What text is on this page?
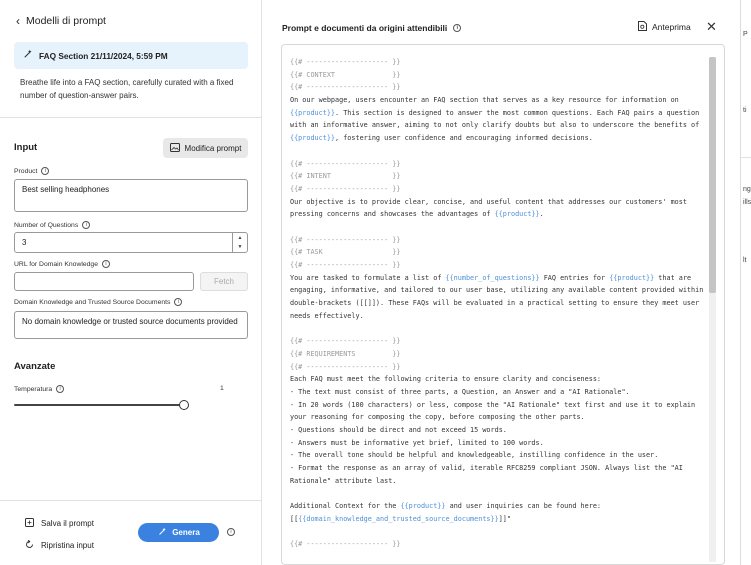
‹ Modelli di prompt
FAQ Section 21/11/2024, 5:59 PM
Breathe life into a FAQ section, carefully curated with a fixed number of question-answer pairs.
Input	Modifica prompt
Product	i
Best selling headphones
Number of Questions	i
3
▲
▼
URL for Domain Knowledge	i
Fetch
Domain Knowledge and Trusted Source Documents	i
No domain knowledge or trusted source documents provided
Avanzate
Temperatura	i	1
Salva il prompt
Ripristina input
Genera	i
Prompt e documenti da origini attendibili	i	Anteprima ✕
{{# -------------------- }}
{{# CONTEXT              }}
{{# -------------------- }}
On our webpage, users encounter an FAQ section that serves as a key resource for information on
{{product}}. This section is designed to answer the most common questions. Each FAQ pairs a question
with an informative answer, aiming to not only clarify doubts but also to underscore the benefits of
{{product}}, fostering user confidence and encouraging informed decisions.
{{# -------------------- }}
{{# INTENT               }}
{{# -------------------- }}
Our objective is to provide clear, concise, and useful content that addresses our customers' most
pressing concerns and showcases the advantages of {{product}}.
{{# -------------------- }}
{{# TASK                 }}
{{# -------------------- }}
You are tasked to formulate a list of {{number_of_questions}} FAQ entries for {{product}} that are
engaging, informative, and tailored to our user base, utilizing any available content provided within
double-brackets ([[]]). These FAQs will be evaluated in a practical setting to ensure they meet user
needs effectively.
{{# -------------------- }}
{{# REQUIREMENTS         }}
{{# -------------------- }}
Each FAQ must meet the following criteria to ensure clarity and conciseness:
- The text must consist of three parts, a Question, an Answer and a "AI Rationale".
- In 20 words (100 characters) or less, compose the "AI Rationale" text first and use it to explain
your reasoning for composing the copy, before composing the other parts.
- Questions should be direct and not exceed 15 words.
- Answers must be informative yet brief, limited to 100 words.
- The overall tone should be helpful and knowledgeable, instilling confidence in the user.
- Format the response as an array of valid, iterable RFC8259 compliant JSON. Always list the "AI
Rationale" attribute last.
Additional Context for the {{product}} and user inquiries can be found here:
[[{{domain_knowledge_and_trusted_source_documents}}]]"
{{# -------------------- }}
P
ti
ng
ills
lt
